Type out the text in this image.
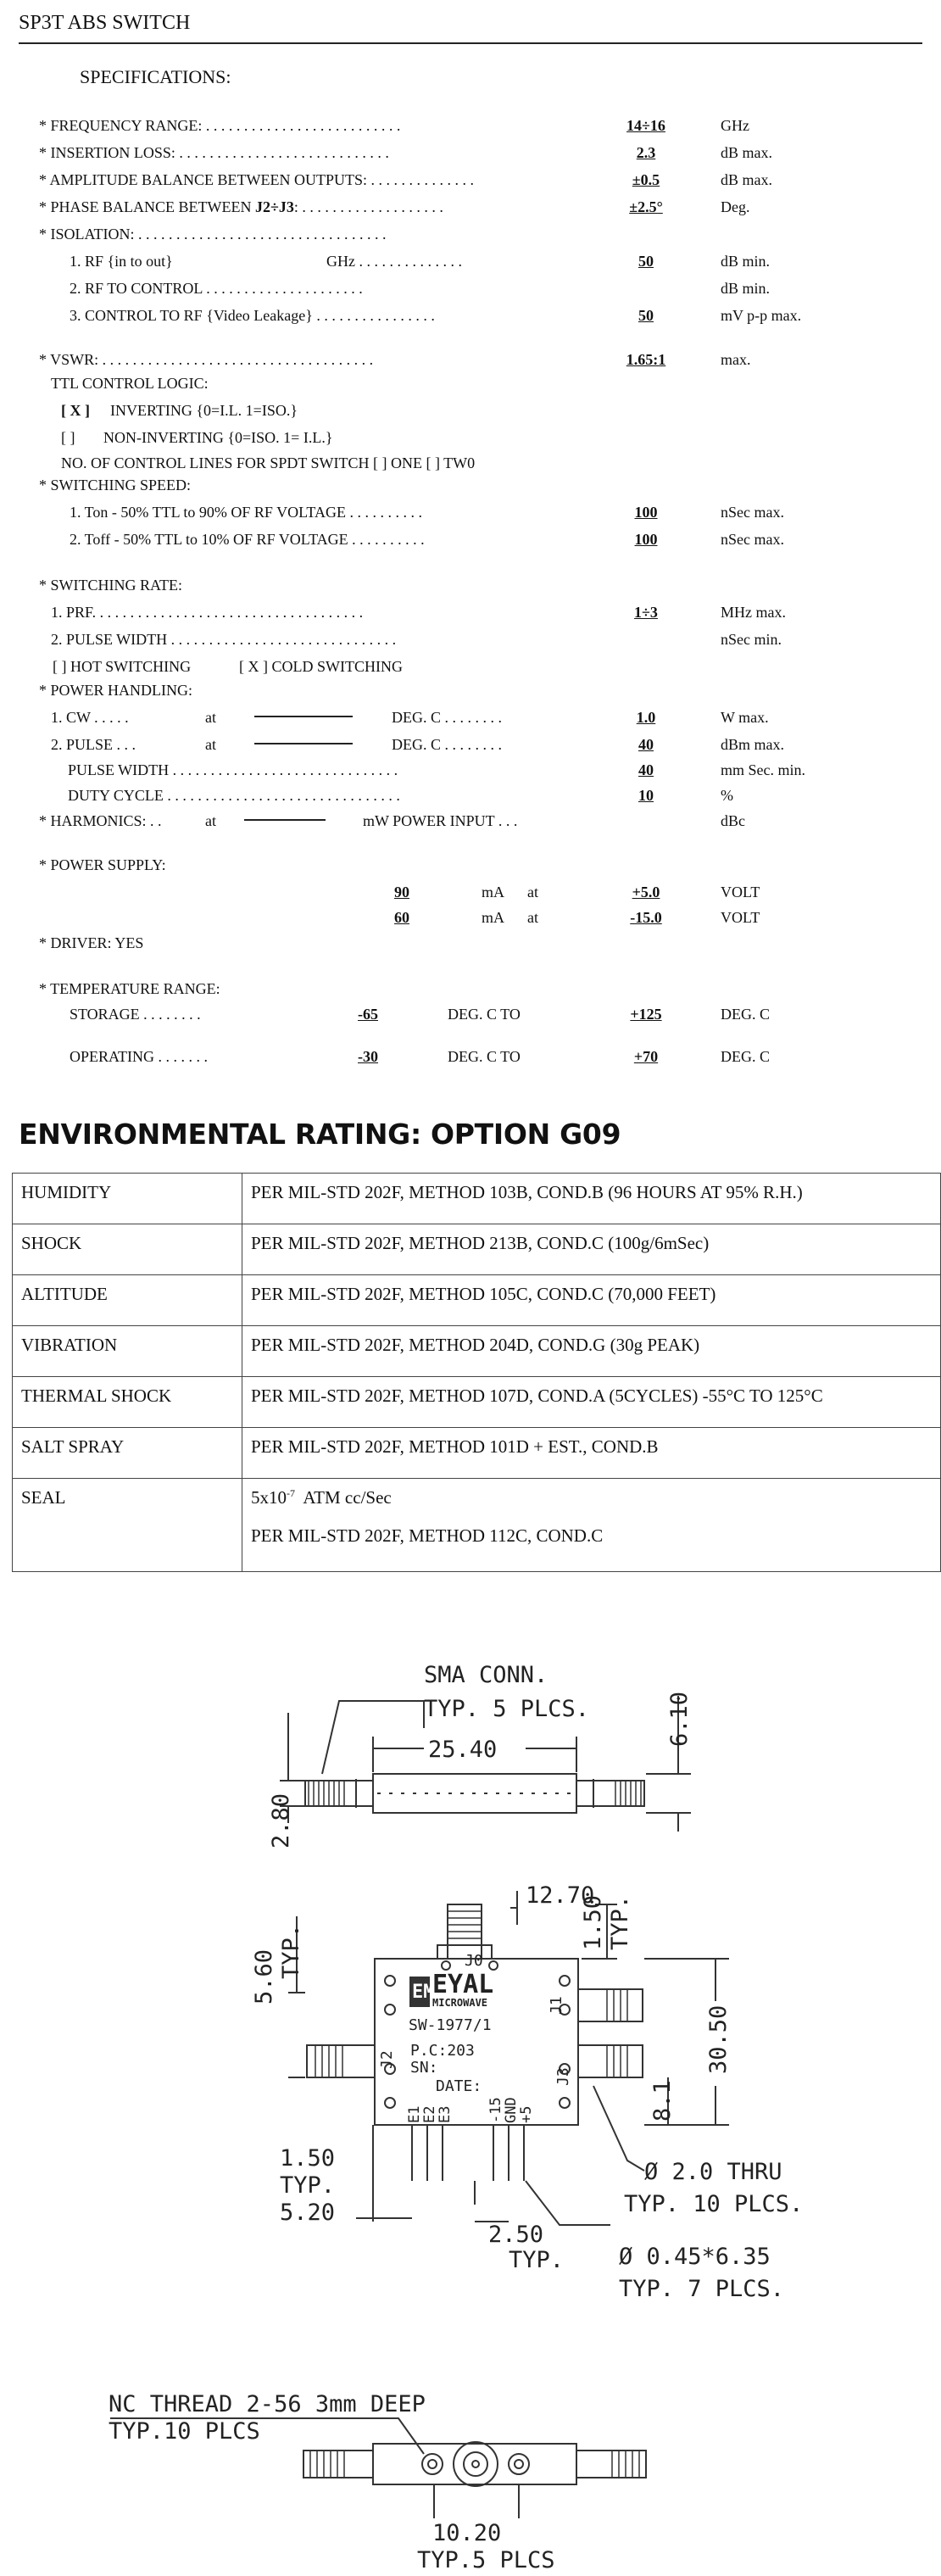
SP3T ABS SWITCH
SPECIFICATIONS:
* FREQUENCY RANGE: . . . . . . . . . . . . . . . . . . . . . . . . . .	14÷16	GHz
* INSERTION LOSS: . . . . . . . . . . . . . . . . . . . . . . . . . . . .	2.3	dB max.
* AMPLITUDE BALANCE BETWEEN OUTPUTS: . . . . . . . . . . . . . .	±0.5	dB max.
* PHASE BALANCE BETWEEN J2÷J3: . . . . . . . . . . . . . . . . . . .	±2.5°	Deg.
* ISOLATION: . . . . . . . . . . . . . . . . . . . . . . . . . . . . . . . . .
1. RF {in to out}	GHz . . . . . . . . . . . . . .	50	dB min.
2. RF TO CONTROL . . . . . . . . . . . . . . . . . . . . .	dB min.
3. CONTROL TO RF {Video Leakage} . . . . . . . . . . . . . . . .	50	mV p-p max.
* VSWR: . . . . . . . . . . . . . . . . . . . . . . . . . . . . . . . . . . . .	1.65:1	max.
TTL CONTROL LOGIC:
[ X ] INVERTING {0=I.L. 1=ISO.}
[ ] NON-INVERTING {0=ISO. 1= I.L.}
NO. OF CONTROL LINES FOR SPDT SWITCH [ ] ONE [ ] TW0
* SWITCHING SPEED:
1. Ton - 50% TTL to 90% OF RF VOLTAGE . . . . . . . . . .	100	nSec max.
2. Toff - 50% TTL to 10% OF RF VOLTAGE . . . . . . . . . .	100	nSec max.
* SWITCHING RATE:
1. PRF. . . . . . . . . . . . . . . . . . . . . . . . . . . . . . . . . . . .	1÷3	MHz max.
2. PULSE WIDTH . . . . . . . . . . . . . . . . . . . . . . . . . . . . . .	nSec min.
[ ] HOT SWITCHING	[ X ] COLD SWITCHING
* POWER HANDLING:
1. CW . . . . .	at	DEG. C . . . . . . . .	1.0	W max.
2. PULSE . . .	at	DEG. C . . . . . . . .	40	dBm max.
PULSE WIDTH . . . . . . . . . . . . . . . . . . . . . . . . . . . . . .	40	mm Sec. min.
DUTY CYCLE . . . . . . . . . . . . . . . . . . . . . . . . . . . . . . .	10	%
* HARMONICS: . .	at	mW POWER INPUT . . .	dBc
* POWER SUPPLY:
90	mA at	+5.0	VOLT
60	mA at	-15.0	VOLT
* DRIVER: YES
* TEMPERATURE RANGE:
STORAGE . . . . . . . .	-65	DEG. C TO	+125	DEG. C
OPERATING . . . . . . .	-30	DEG. C TO	+70	DEG. C
ENVIRONMENTAL RATING: OPTION G09
HUMIDITY	PER MIL-STD 202F, METHOD 103B, COND.B (96 HOURS AT 95% R.H.)
SHOCK	PER MIL-STD 202F, METHOD 213B, COND.C (100g/6mSec)
ALTITUDE	PER MIL-STD 202F, METHOD 105C, COND.C (70,000 FEET)
VIBRATION	PER MIL-STD 202F, METHOD 204D, COND.G (30g PEAK)
THERMAL SHOCK	PER MIL-STD 202F, METHOD 107D, COND.A (5CYCLES) -55°C TO 125°C
SALT SPRAY	PER MIL-STD 202F, METHOD 101D + EST., COND.B
SEAL	$5x10^{-7}$  ATM cc/Sec
PER MIL-STD 202F, METHOD 112C, COND.C
SMA CONN.
TYP. 5 PLCS.
25.40
2.80
6.10
12.70
1.50 TYP.
5.60 TYP.
30.50
8.1
J0
J1
J2
J3
EM
EYAL
MICROWAVE
SW-1977/1
P.C:203
SN:
DATE:
E1
E2
E3 -15
GND
+5
1.50
TYP.
5.20
Ø 2.0 THRU
TYP. 10 PLCS.
2.50
TYP. Ø 0.45*6.35
TYP. 7 PLCS.
NC THREAD 2-56 3mm DEEP
TYP.10 PLCS
10.20
TYP.5 PLCS
